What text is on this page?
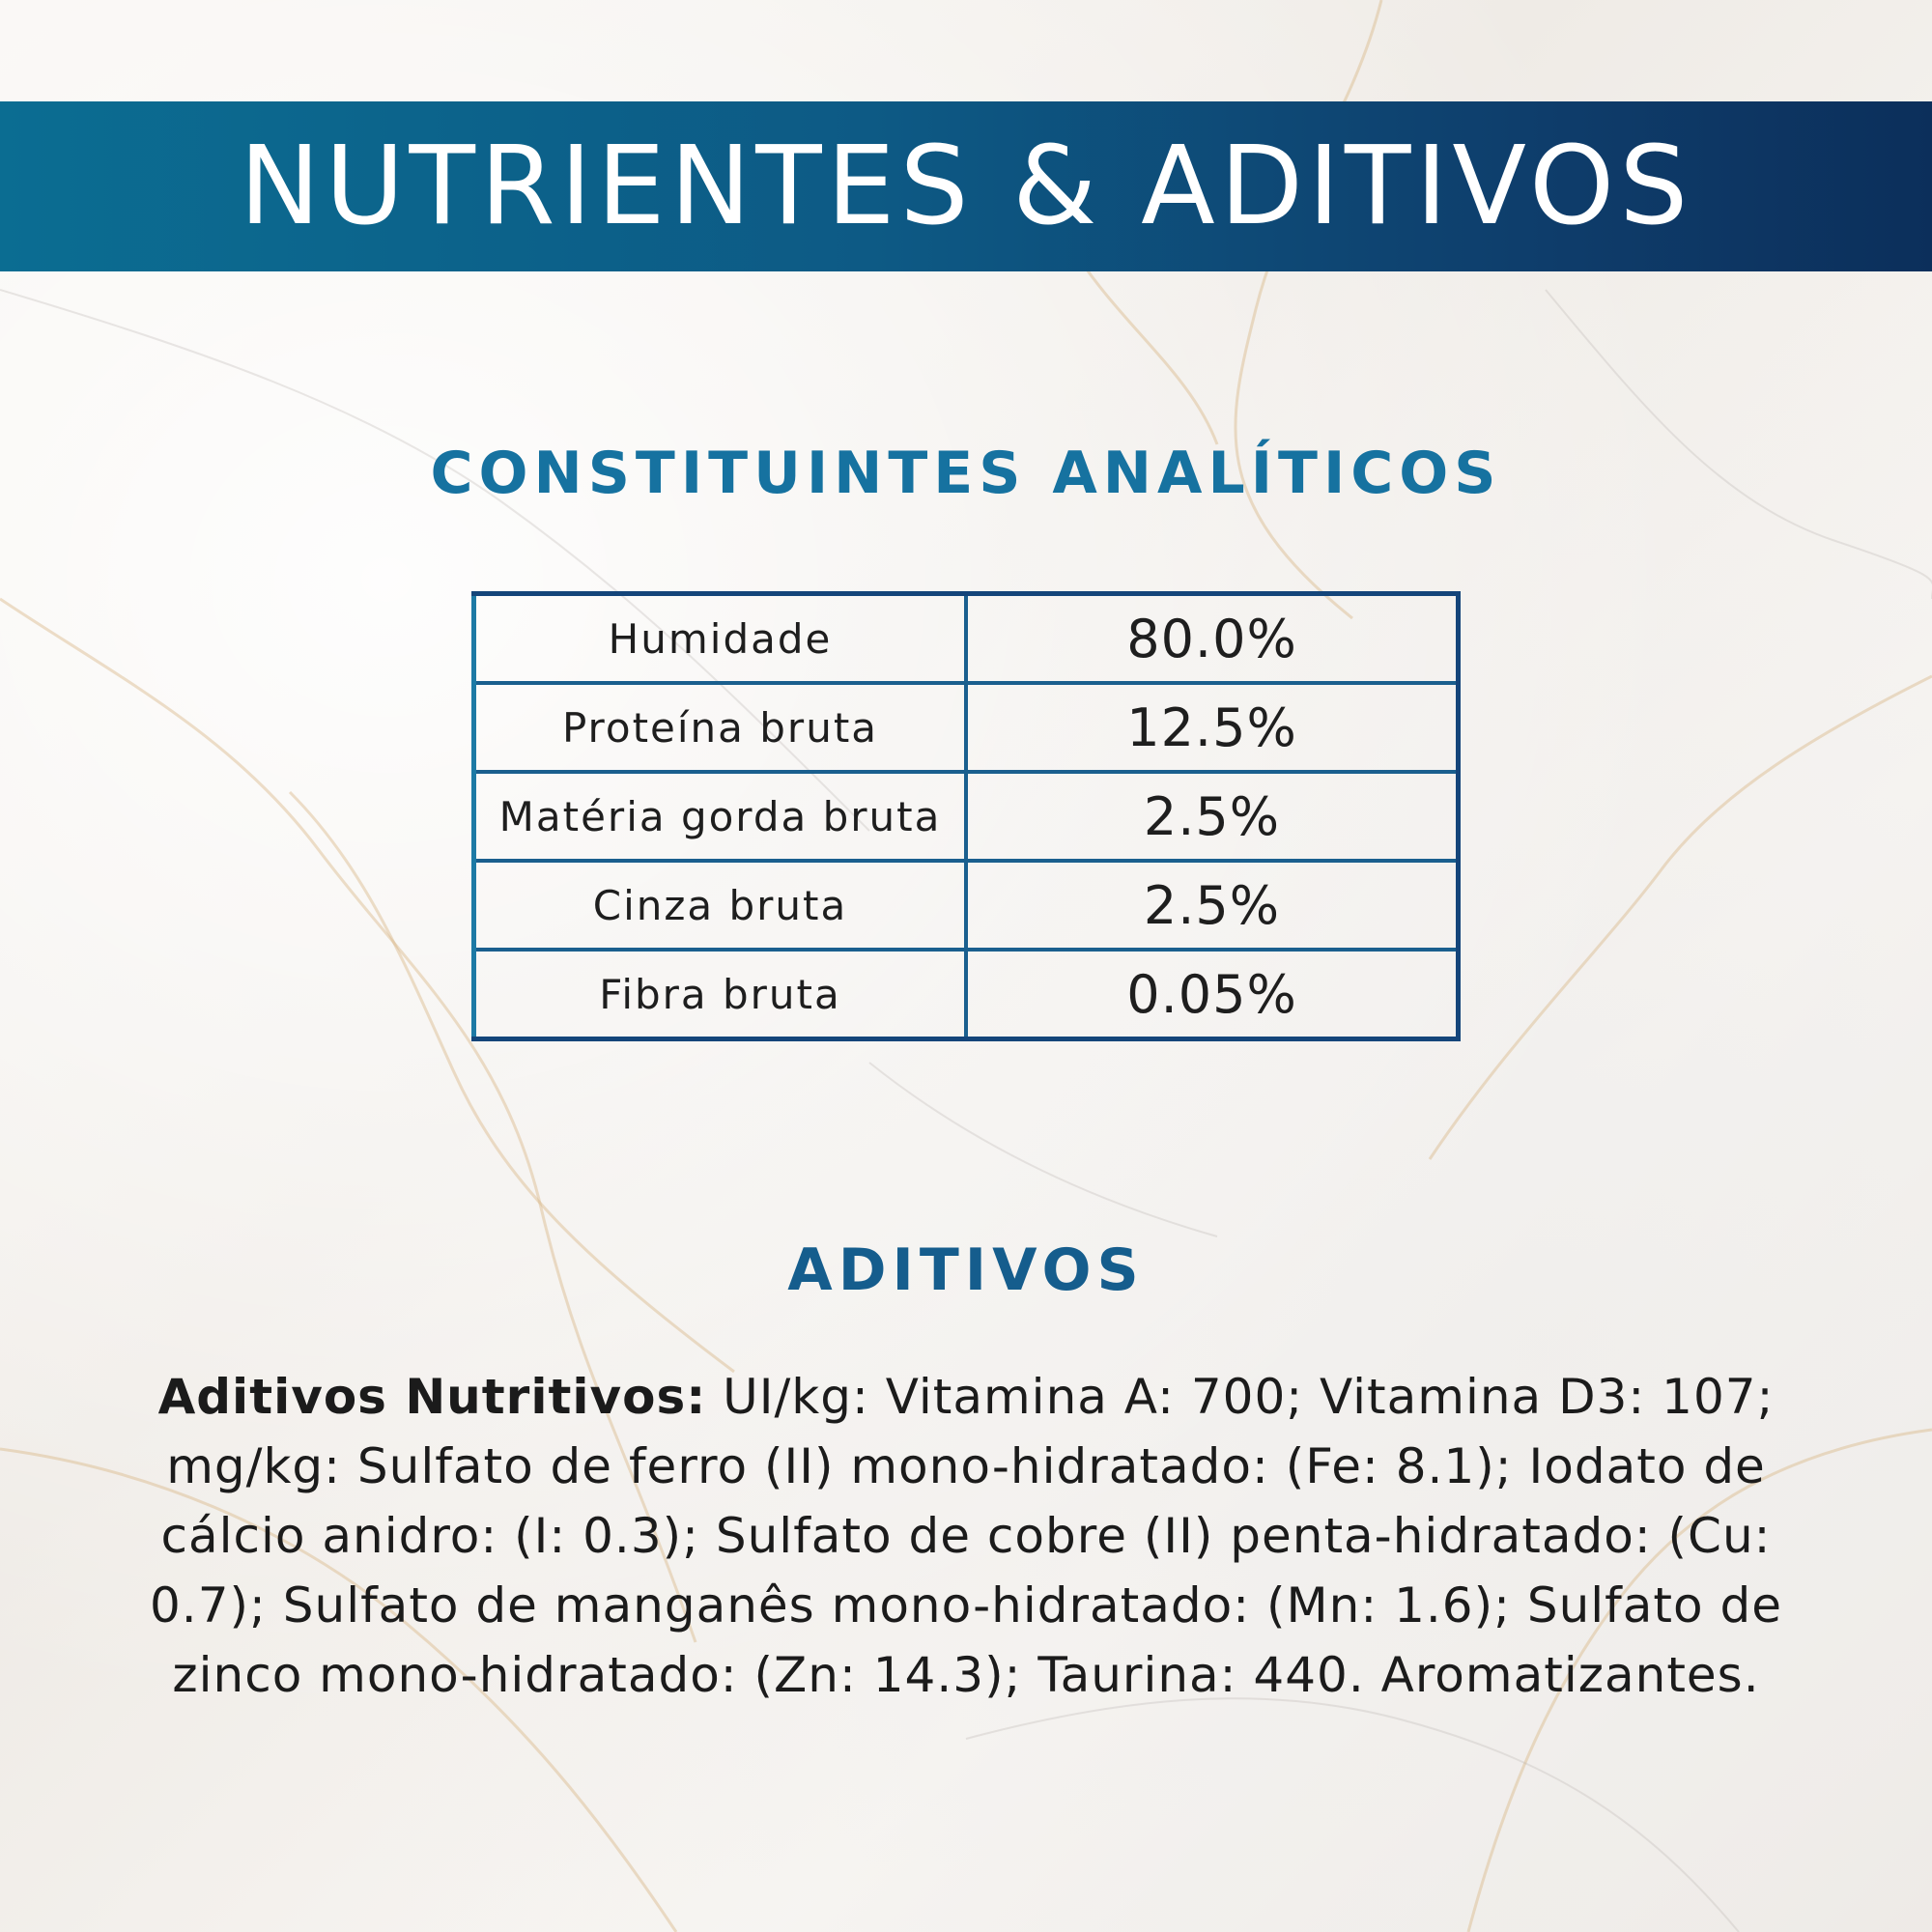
NUTRIENTES & ADITIVOS
CONSTITUINTES ANALÍTICOS
Humidade	80.0%
Proteína bruta	12.5%
Matéria gorda bruta	2.5%
Cinza bruta	2.5%
Fibra bruta	0.05%
ADITIVOS
Aditivos Nutritivos: UI/kg: Vitamina A: 700; Vitamina D3: 107; mg/kg: Sulfato de ferro (II) mono-hidratado: (Fe: 8.1); Iodato de cálcio anidro: (I: 0.3); Sulfato de cobre (II) penta-hidratado: (Cu: 0.7); Sulfato de manganês mono-hidratado: (Mn: 1.6); Sulfato de zinco mono-hidratado: (Zn: 14.3); Taurina: 440. Aromatizantes.
